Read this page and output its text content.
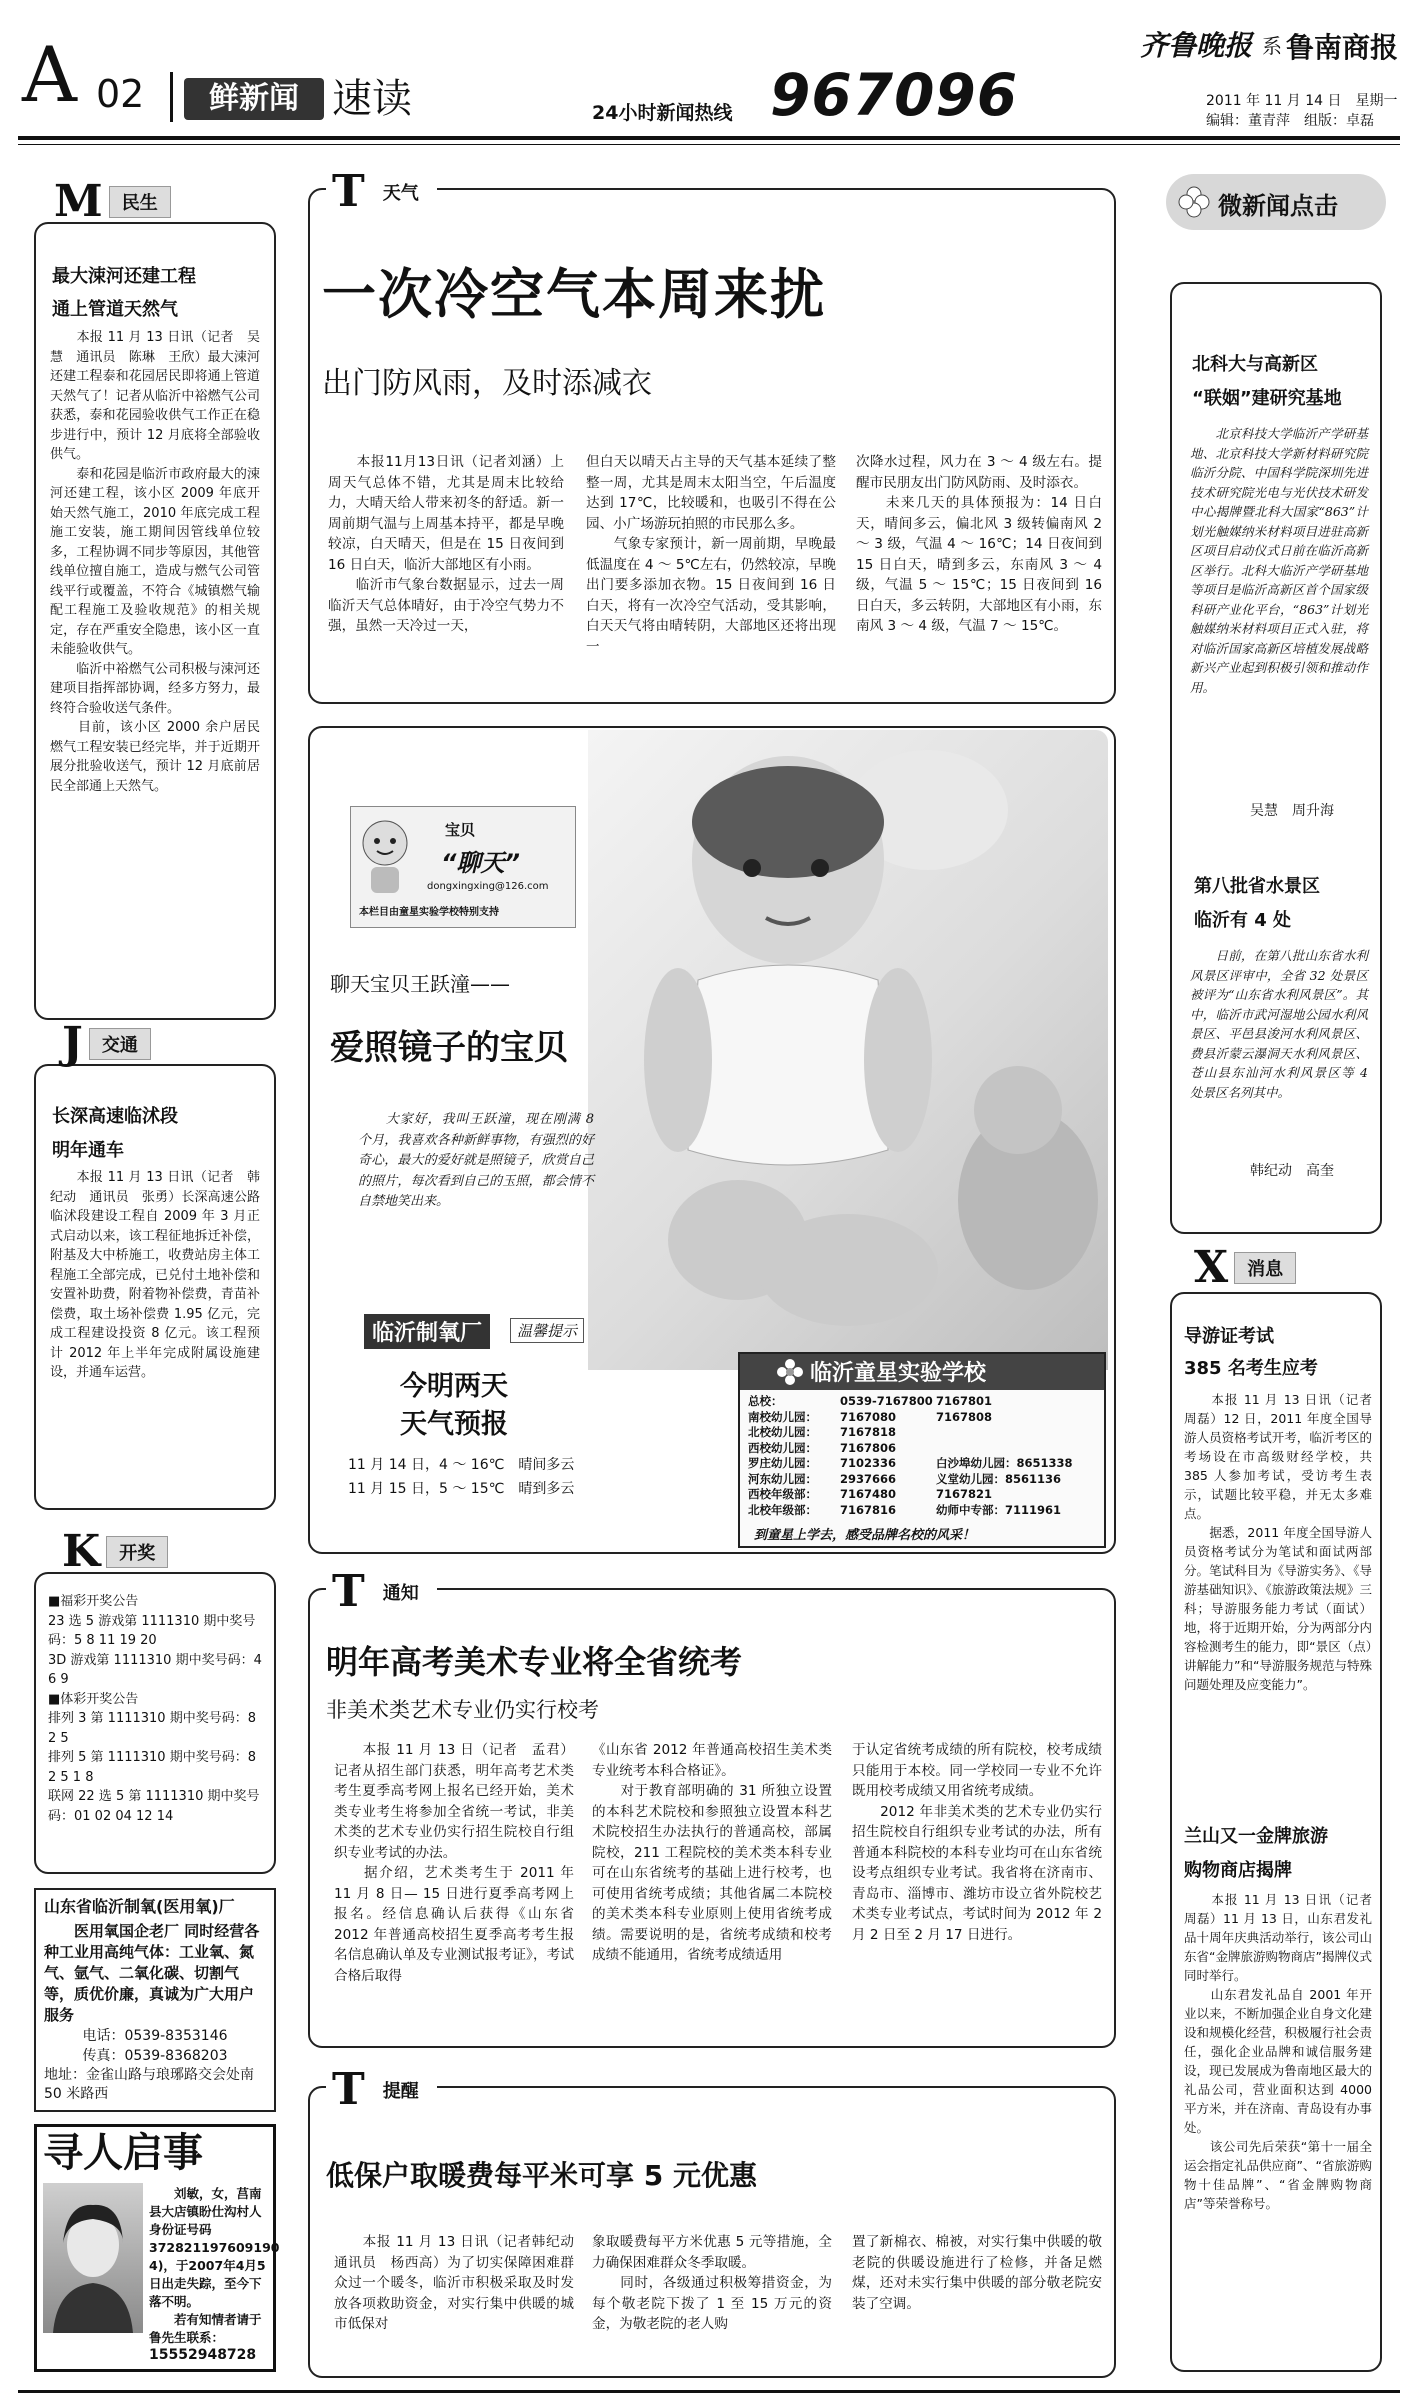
A 02	鲜新闻 速读	24小时新闻热线 967096
齐鲁晚报 系 鲁南商报
2011 年 11 月 14 日　星期一
编辑：董青萍　组版：卓磊
M	民生
最大涑河还建工程
通上管道天然气

　　本报 11 月 13 日讯（记者　吴慧　通讯员　陈琳　王欣）最大涑河还建工程泰和花园居民即将通上管道天然气了！记者从临沂中裕燃气公司获悉，泰和花园验收供气工作正在稳步进行中，预计 12 月底将全部验收供气。
　　泰和花园是临沂市政府最大的涑河还建工程，该小区 2009 年底开始天然气施工，2010 年底完成工程施工安装，施工期间因管线单位较多，工程协调不同步等原因，其他管线单位擅自施工，造成与燃气公司管线平行或覆盖，不符合《城镇燃气输配工程施工及验收规范》的相关规定，存在严重安全隐患，该小区一直未能验收供气。
　　临沂中裕燃气公司积极与涑河还建项目指挥部协调，经多方努力，最终符合验收送气条件。
　　目前，该小区 2000 余户居民燃气工程安装已经完毕，并于近期开展分批验收送气，预计 12 月底前居民全部通上天然气。

J	交通
长深高速临沭段
明年通车

　　本报 11 月 13 日讯（记者　韩纪动　通讯员　张勇）长深高速公路临沭段建设工程自 2009 年 3 月正式启动以来，该工程征地拆迁补偿，附基及大中桥施工，收费站房主体工程施工全部完成，已兑付土地补偿和安置补助费，附着物补偿费，青苗补偿费，取土场补偿费 1.95 亿元，完成工程建设投资 8 亿元。该工程预计 2012 年上半年完成附属设施建设，并通车运营。

K	开奖

■福彩开奖公告
23 选 5 游戏第 1111310 期中奖号码：5 8 11 19 20
3D 游戏第 1111310 期中奖号码：4 6 9
■体彩开奖公告
排列 3 第 1111310 期中奖号码：8 2 5
排列 5 第 1111310 期中奖号码：8 2 5 1 8
联网 22 选 5 第 1111310 期中奖号码：01 02 04 12 14

山东省临沂制氧(医用氧)厂
　　医用氧国企老厂 同时经营各种工业用高纯气体：工业氧、氮气、氩气、二氧化碳、切割气等，质优价廉，真诚为广大用户服务
电话：0539-8353146
传真：0539-8368203
地址：金雀山路与琅琊路交会处南 50 米路西
寻人启事
　　刘敏，女，莒南县大店镇盼仕沟村人身份证号码 372821197609190 4)，于2007年4月5日出走失踪，至今下落不明。
　　若有知情者请于鲁先生联系：
15552948728
T	天气
一次冷空气本周来扰
出门防风雨，及时添减衣

　　本报11月13日讯（记者刘涵）上周天气总体不错，尤其是周末比较给力，大晴天给人带来初冬的舒适。新一周前期气温与上周基本持平，都是早晚较凉，白天晴天，但是在 15 日夜间到 16 日白天，临沂大部地区有小雨。
　　临沂市气象台数据显示，过去一周临沂天气总体晴好，由于冷空气势力不强，虽然一天冷过一天，

但白天以晴天占主导的天气基本延续了整整一周，尤其是周末太阳当空，午后温度达到 17℃，比较暖和，也吸引不得在公园、小广场游玩拍照的市民那么多。
　　气象专家预计，新一周前期，早晚最低温度在 4 ～ 5℃左右，仍然较凉，早晚出门要多添加衣物。15 日夜间到 16 日白天，将有一次冷空气活动，受其影响，白天天气将由晴转阴，大部地区还将出现一

次降水过程，风力在 3 ～ 4 级左右。提醒市民朋友出门防风防雨、及时添衣。
　　未来几天的具体预报为：14 日白天，晴间多云，偏北风 3 级转偏南风 2 ～ 3 级，气温 4 ～ 16℃；14 日夜间到 15 日白天，晴到多云，东南风 3 ～ 4 级，气温 5 ～ 15℃；15 日夜间到 16 日白天，多云转阴，大部地区有小雨，东南风 3 ～ 4 级，气温 7 ～ 15℃。

宝贝
“聊天”
dongxingxing@126.com
本栏目由童星实验学校特别支持
聊天宝贝王跃潼——
爱照镜子的宝贝

　　大家好，我叫王跃潼，现在刚满 8 个月，我喜欢各种新鲜事物，有强烈的好奇心，最大的爱好就是照镜子，欣赏自己的照片，每次看到自己的玉照，都会情不自禁地笑出来。

临沂制氧厂	温馨提示
今明两天
天气预报
11 月 14 日，4 ～ 16℃　晴间多云
11 月 15 日，5 ～ 15℃　晴到多云
临沂童星实验学校
总校：	0539-7167800 7167801
南校幼儿园：	7167080	7167808
北校幼儿园：	7167818
西校幼儿园：	7167806
罗庄幼儿园：	7102336	白沙埠幼儿园：8651338
河东幼儿园：	2937666	义堂幼儿园：8561136
西校年级部：	7167480	7167821
北校年级部：	7167816	幼师中专部：7111961
到童星上学去，感受品牌名校的风采！
T	通知
明年高考美术专业将全省统考
非美术类艺术专业仍实行校考

　　本报 11 月 13 日（记者　孟君）记者从招生部门获悉，明年高考艺术类考生夏季高考网上报名已经开始，美术类专业考生将参加全省统一考试，非美术类的艺术专业仍实行招生院校自行组织专业考试的办法。
　　据介绍，艺术类考生于 2011 年 11 月 8 日— 15 日进行夏季高考网上报名。经信息确认后获得《山东省 2012 年普通高校招生夏季高考考生报名信息确认单及专业测试报考证》，考试合格后取得

《山东省 2012 年普通高校招生美术类专业统考本科合格证》。
　　对于教育部明确的 31 所独立设置的本科艺术院校和参照独立设置本科艺术院校招生办法执行的普通高校，部属院校，211 工程院校的美术类本科专业可在山东省统考的基础上进行校考，也可使用省统考成绩；其他省属二本院校的美术类本科专业原则上使用省统考成绩。需要说明的是，省统考成绩和校考成绩不能通用，省统考成绩适用

于认定省统考成绩的所有院校，校考成绩只能用于本校。同一学校同一专业不允许既用校考成绩又用省统考成绩。
　　2012 年非美术类的艺术专业仍实行招生院校自行组织专业考试的办法，所有普通本科院校的本科专业均可在山东省统设考点组织专业考试。我省将在济南市、青岛市、淄博市、潍坊市设立省外院校艺术类专业考试点，考试时间为 2012 年 2 月 2 日至 2 月 17 日进行。

T	提醒
低保户取暖费每平米可享 5 元优惠

　　本报 11 月 13 日讯（记者韩纪动　通讯员　杨西高）为了切实保障困难群众过一个暖冬，临沂市积极采取及时发放各项救助资金，对实行集中供暖的城市低保对

象取暖费每平方米优惠 5 元等措施，全力确保困难群众冬季取暖。
　　同时，各级通过积极筹措资金，为每个敬老院下拨了 1 至 15 万元的资金，为敬老院的老人购

置了新棉衣、棉被，对实行集中供暖的敬老院的供暖设施进行了检修，并备足燃煤，还对未实行集中供暖的部分敬老院安装了空调。

微新闻点击
北科大与高新区
“联姻”建研究基地

　　北京科技大学临沂产学研基地、北京科技大学新材料研究院临沂分院、中国科学院深圳先进技术研究院光电与光伏技术研发中心揭牌暨北科大国家“863”计划光触媒纳米材料项目进驻高新区项目启动仪式日前在临沂高新区举行。北科大临沂产学研基地等项目是临沂高新区首个国家级科研产业化平台，“863”计划光触媒纳米材料项目正式入驻，将对临沂国家高新区培植发展战略新兴产业起到积极引领和推动作用。

吴慧　周升海
第八批省水景区
临沂有 4 处

　　日前，在第八批山东省水利风景区评审中，全省 32 处景区被评为“山东省水利风景区”。其中，临沂市武河湿地公园水利风景区、平邑县浚河水利风景区、费县沂蒙云瀑洞天水利风景区、苍山县东汕河水利风景区等 4 处景区名列其中。

韩纪动　高奎
X	消息
导游证考试
385 名考生应考

　　本报 11 月 13 日讯（记者　周磊）12 日，2011 年度全国导游人员资格考试开考，临沂考区的考场设在市高级财经学校，共 385 人参加考试，受访考生表示，试题比较平稳，并无太多难点。
　　据悉，2011 年度全国导游人员资格考试分为笔试和面试两部分。笔试科目为《导游实务》、《导游基础知识》、《旅游政策法规》三科；导游服务能力考试（面试）地，将于近期开始，分为两部分内容检测考生的能力，即“景区（点）讲解能力”和“导游服务规范与特殊问题处理及应变能力”。

兰山又一金牌旅游
购物商店揭牌

　　本报 11 月 13 日讯（记者　周磊）11 月 13 日，山东君发礼品十周年庆典活动举行，该公司山东省“金牌旅游购物商店”揭牌仪式同时举行。
　　山东君发礼品自 2001 年开业以来，不断加强企业自身文化建设和规模化经营，积极履行社会责任，强化企业品牌和诚信服务建设，现已发展成为鲁南地区最大的礼品公司，营业面积达到 4000 平方米，并在济南、青岛设有办事处。
　　该公司先后荣获“第十一届全运会指定礼品供应商”、“省旅游购物十佳品牌”、“省金牌购物商店”等荣誉称号。
